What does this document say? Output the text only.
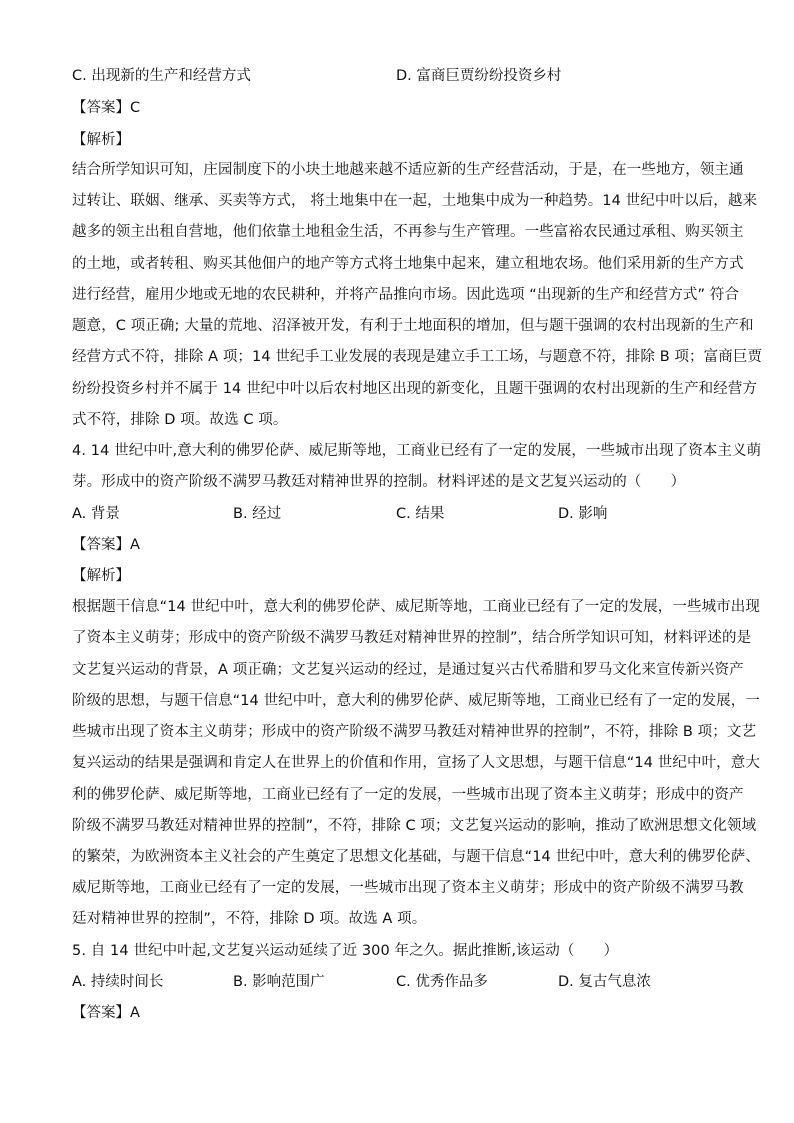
C. 出现新的生产和经营方式	D. 富商巨贾纷纷投资乡村
【答案】C
【解析】
结合所学知识可知，庄园制度下的小块土地越来越不适应新的生产经营活动，于是，在一些地方，领主通
过转让、联姻、继承、买卖等方式， 将土地集中在一起，土地集中成为一种趋势。14 世纪中叶以后，越来
越多的领主出租自营地，他们依靠土地租金生活，不再参与生产管理。一些富裕农民通过承租、购买领主
的土地，或者转租、购买其他佃户的地产等方式将土地集中起来，建立租地农场。他们采用新的生产方式
进行经营，雇用少地或无地的农民耕种，并将产品推向市场。因此选项 “出现新的生产和经营方式” 符合
题意，C 项正确; 大量的荒地、沼泽被开发，有利于土地面积的增加，但与题干强调的农村出现新的生产和
经营方式不符，排除 A 项；14 世纪手工业发展的表现是建立手工工场，与题意不符，排除 B 项；富商巨贾
纷纷投资乡村并不属于 14 世纪中叶以后农村地区出现的新变化，且题干强调的农村出现新的生产和经营方
式不符，排除 D 项。故选 C 项。
4. 14 世纪中叶,意大利的佛罗伦萨、威尼斯等地，工商业已经有了一定的发展，一些城市出现了资本主义萌
芽。形成中的资产阶级不满罗马教廷对精神世界的控制。材料评述的是文艺复兴运动的（　　）
A. 背景	B. 经过	C. 结果	D. 影响
【答案】A
【解析】
根据题干信息“14 世纪中叶，意大利的佛罗伦萨、威尼斯等地，工商业已经有了一定的发展，一些城市出现
了资本主义萌芽；形成中的资产阶级不满罗马教廷对精神世界的控制”，结合所学知识可知，材料评述的是
文艺复兴运动的背景，A 项正确；文艺复兴运动的经过，是通过复兴古代希腊和罗马文化来宣传新兴资产
阶级的思想，与题干信息“14 世纪中叶，意大利的佛罗伦萨、威尼斯等地，工商业已经有了一定的发展，一
些城市出现了资本主义萌芽；形成中的资产阶级不满罗马教廷对精神世界的控制”，不符，排除 B 项；文艺
复兴运动的结果是强调和肯定人在世界上的价值和作用，宣扬了人文思想，与题干信息“14 世纪中叶，意大
利的佛罗伦萨、威尼斯等地，工商业已经有了一定的发展，一些城市出现了资本主义萌芽；形成中的资产
阶级不满罗马教廷对精神世界的控制”，不符，排除 C 项；文艺复兴运动的影响，推动了欧洲思想文化领域
的繁荣，为欧洲资本主义社会的产生奠定了思想文化基础，与题干信息“14 世纪中叶，意大利的佛罗伦萨、
威尼斯等地，工商业已经有了一定的发展，一些城市出现了资本主义萌芽；形成中的资产阶级不满罗马教
廷对精神世界的控制”，不符，排除 D 项。故选 A 项。
5. 自 14 世纪中叶起,文艺复兴运动延续了近 300 年之久。据此推断,该运动（　　）
A. 持续时间长	B. 影响范围广	C. 优秀作品多	D. 复古气息浓
【答案】A
